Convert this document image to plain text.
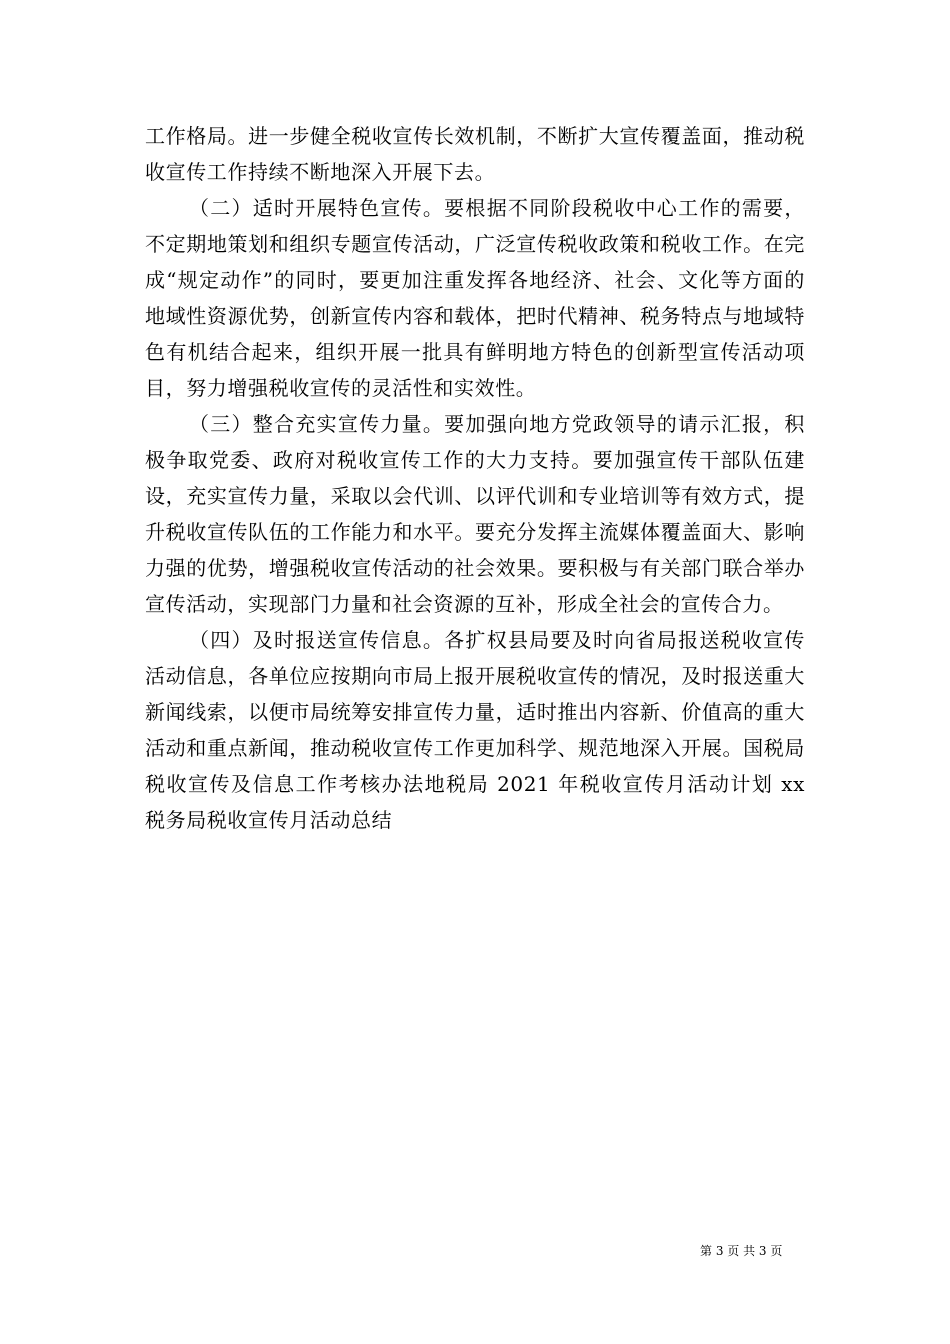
工作格局。进一步健全税收宣传长效机制，不断扩大宣传覆盖面，推动税收宣传工作持续不断地深入开展下去。

（二）适时开展特色宣传。要根据不同阶段税收中心工作的需要，不定期地策划和组织专题宣传活动，广泛宣传税收政策和税收工作。在完成“规定动作”的同时，要更加注重发挥各地经济、社会、文化等方面的地域性资源优势，创新宣传内容和载体，把时代精神、税务特点与地域特色有机结合起来，组织开展一批具有鲜明地方特色的创新型宣传活动项目，努力增强税收宣传的灵活性和实效性。

（三）整合充实宣传力量。要加强向地方党政领导的请示汇报，积极争取党委、政府对税收宣传工作的大力支持。要加强宣传干部队伍建设，充实宣传力量，采取以会代训、以评代训和专业培训等有效方式，提升税收宣传队伍的工作能力和水平。要充分发挥主流媒体覆盖面大、影响力强的优势，增强税收宣传活动的社会效果。要积极与有关部门联合举办宣传活动，实现部门力量和社会资源的互补，形成全社会的宣传合力。

（四）及时报送宣传信息。各扩权县局要及时向省局报送税收宣传活动信息，各单位应按期向市局上报开展税收宣传的情况，及时报送重大新闻线索，以便市局统筹安排宣传力量，适时推出内容新、价值高的重大活动和重点新闻，推动税收宣传工作更加科学、规范地深入开展。国税局税收宣传及信息工作考核办法地税局 2021 年税收宣传月活动计划 xx 税务局税收宣传月活动总结

第 3 页 共 3 页
